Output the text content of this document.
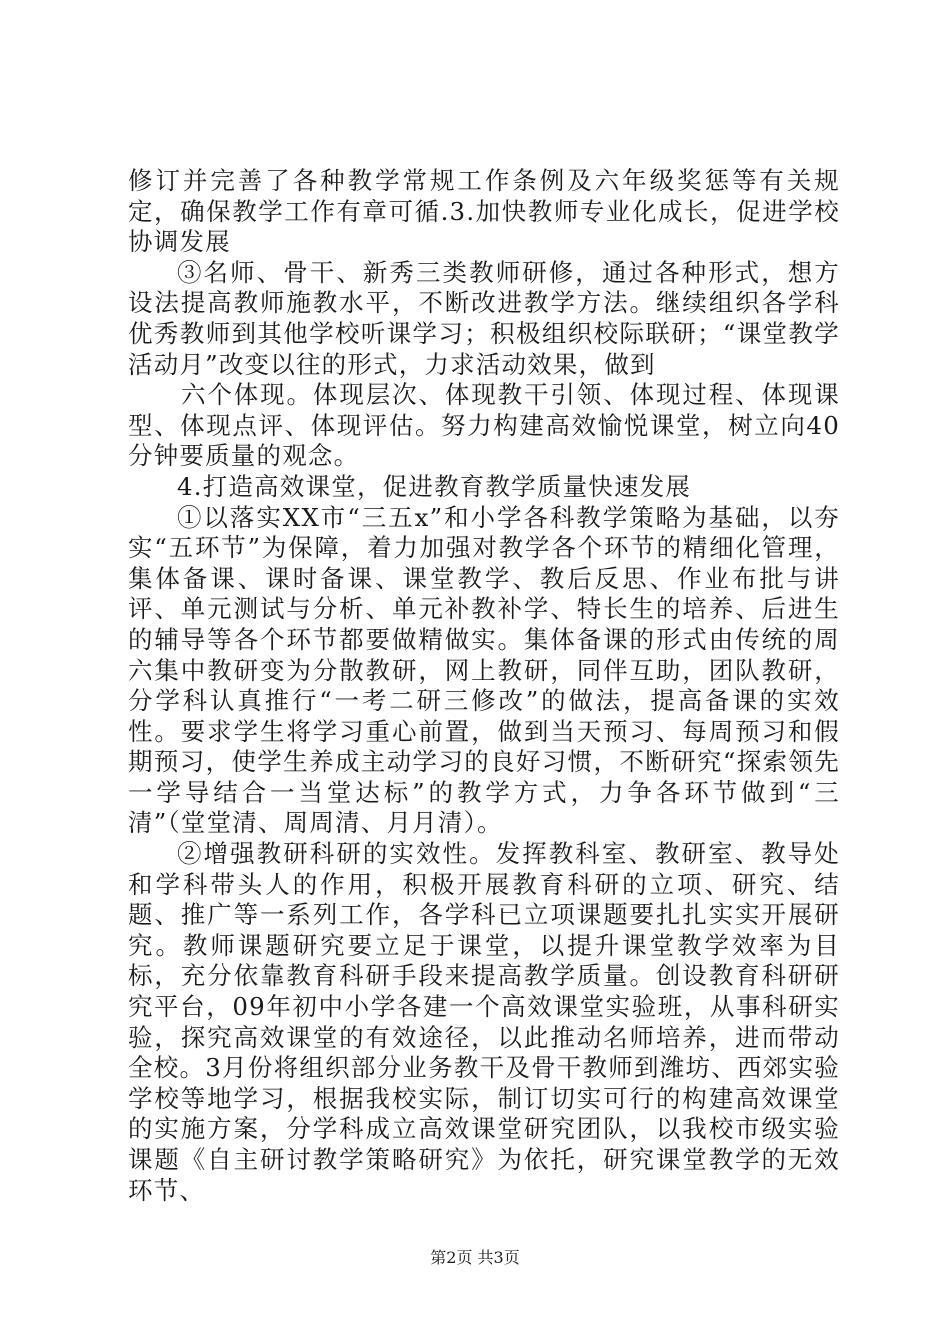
修订并完善了各种教学常规工作条例及六年级奖惩等有关规定，确保教学工作有章可循.3.加快教师专业化成长，促进学校协调发展

③名师、骨干、新秀三类教师研修，通过各种形式，想方设法提高教师施教水平，不断改进教学方法。继续组织各学科优秀教师到其他学校听课学习；积极组织校际联研；“课堂教学活动月”改变以往的形式，力求活动效果，做到

六个体现。体现层次、体现教干引领、体现过程、体现课型、体现点评、体现评估。努力构建高效愉悦课堂，树立向40分钟要质量的观念。

4.打造高效课堂，促进教育教学质量快速发展

①以落实XX市“三五x”和小学各科教学策略为基础，以夯实“五环节”为保障，着力加强对教学各个环节的精细化管理，集体备课、课时备课、课堂教学、教后反思、作业布批与讲评、单元测试与分析、单元补教补学、特长生的培养、后进生的辅导等各个环节都要做精做实。集体备课的形式由传统的周六集中教研变为分散教研，网上教研，同伴互助，团队教研，分学科认真推行“一考二研三修改”的做法，提高备课的实效性。要求学生将学习重心前置，做到当天预习、每周预习和假期预习，使学生养成主动学习的良好习惯，不断研究“探索领先一学导结合一当堂达标”的教学方式，力争各环节做到“三清”（堂堂清、周周清、月月清）。

②增强教研科研的实效性。发挥教科室、教研室、教导处和学科带头人的作用，积极开展教育科研的立项、研究、结题、推广等一系列工作，各学科已立项课题要扎扎实实开展研究。教师课题研究要立足于课堂，以提升课堂教学效率为目标，充分依靠教育科研手段来提高教学质量。创设教育科研研究平台，09年初中小学各建一个高效课堂实验班，从事科研实验，探究高效课堂的有效途径，以此推动名师培养，进而带动全校。3月份将组织部分业务教干及骨干教师到潍坊、西郊实验学校等地学习，根据我校实际，制订切实可行的构建高效课堂的实施方案，分学科成立高效课堂研究团队，以我校市级实验课题《自主研讨教学策略研究》为依托，研究课堂教学的无效环节、

第2页 共3页
